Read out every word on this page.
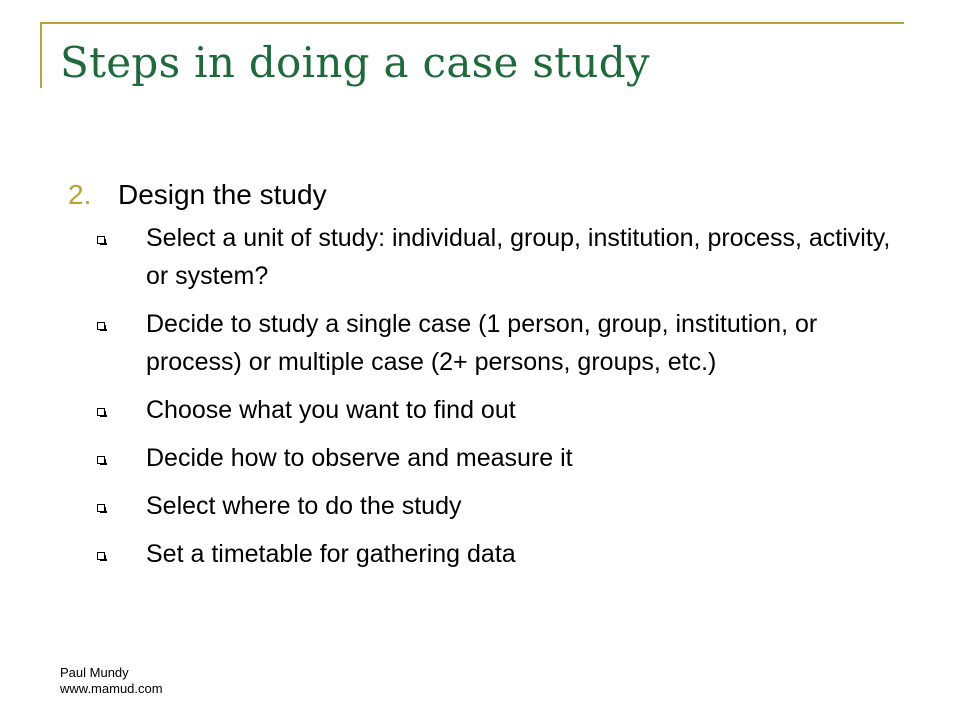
Steps in doing a case study
2. Design the study
Select a unit of study: individual, group, institution, process, activity, or system?
Decide to study a single case (1 person, group, institution, or process) or multiple case (2+ persons, groups, etc.)
Choose what you want to find out
Decide how to observe and measure it
Select where to do the study
Set a timetable for gathering data
Paul Mundy
www.mamud.com
